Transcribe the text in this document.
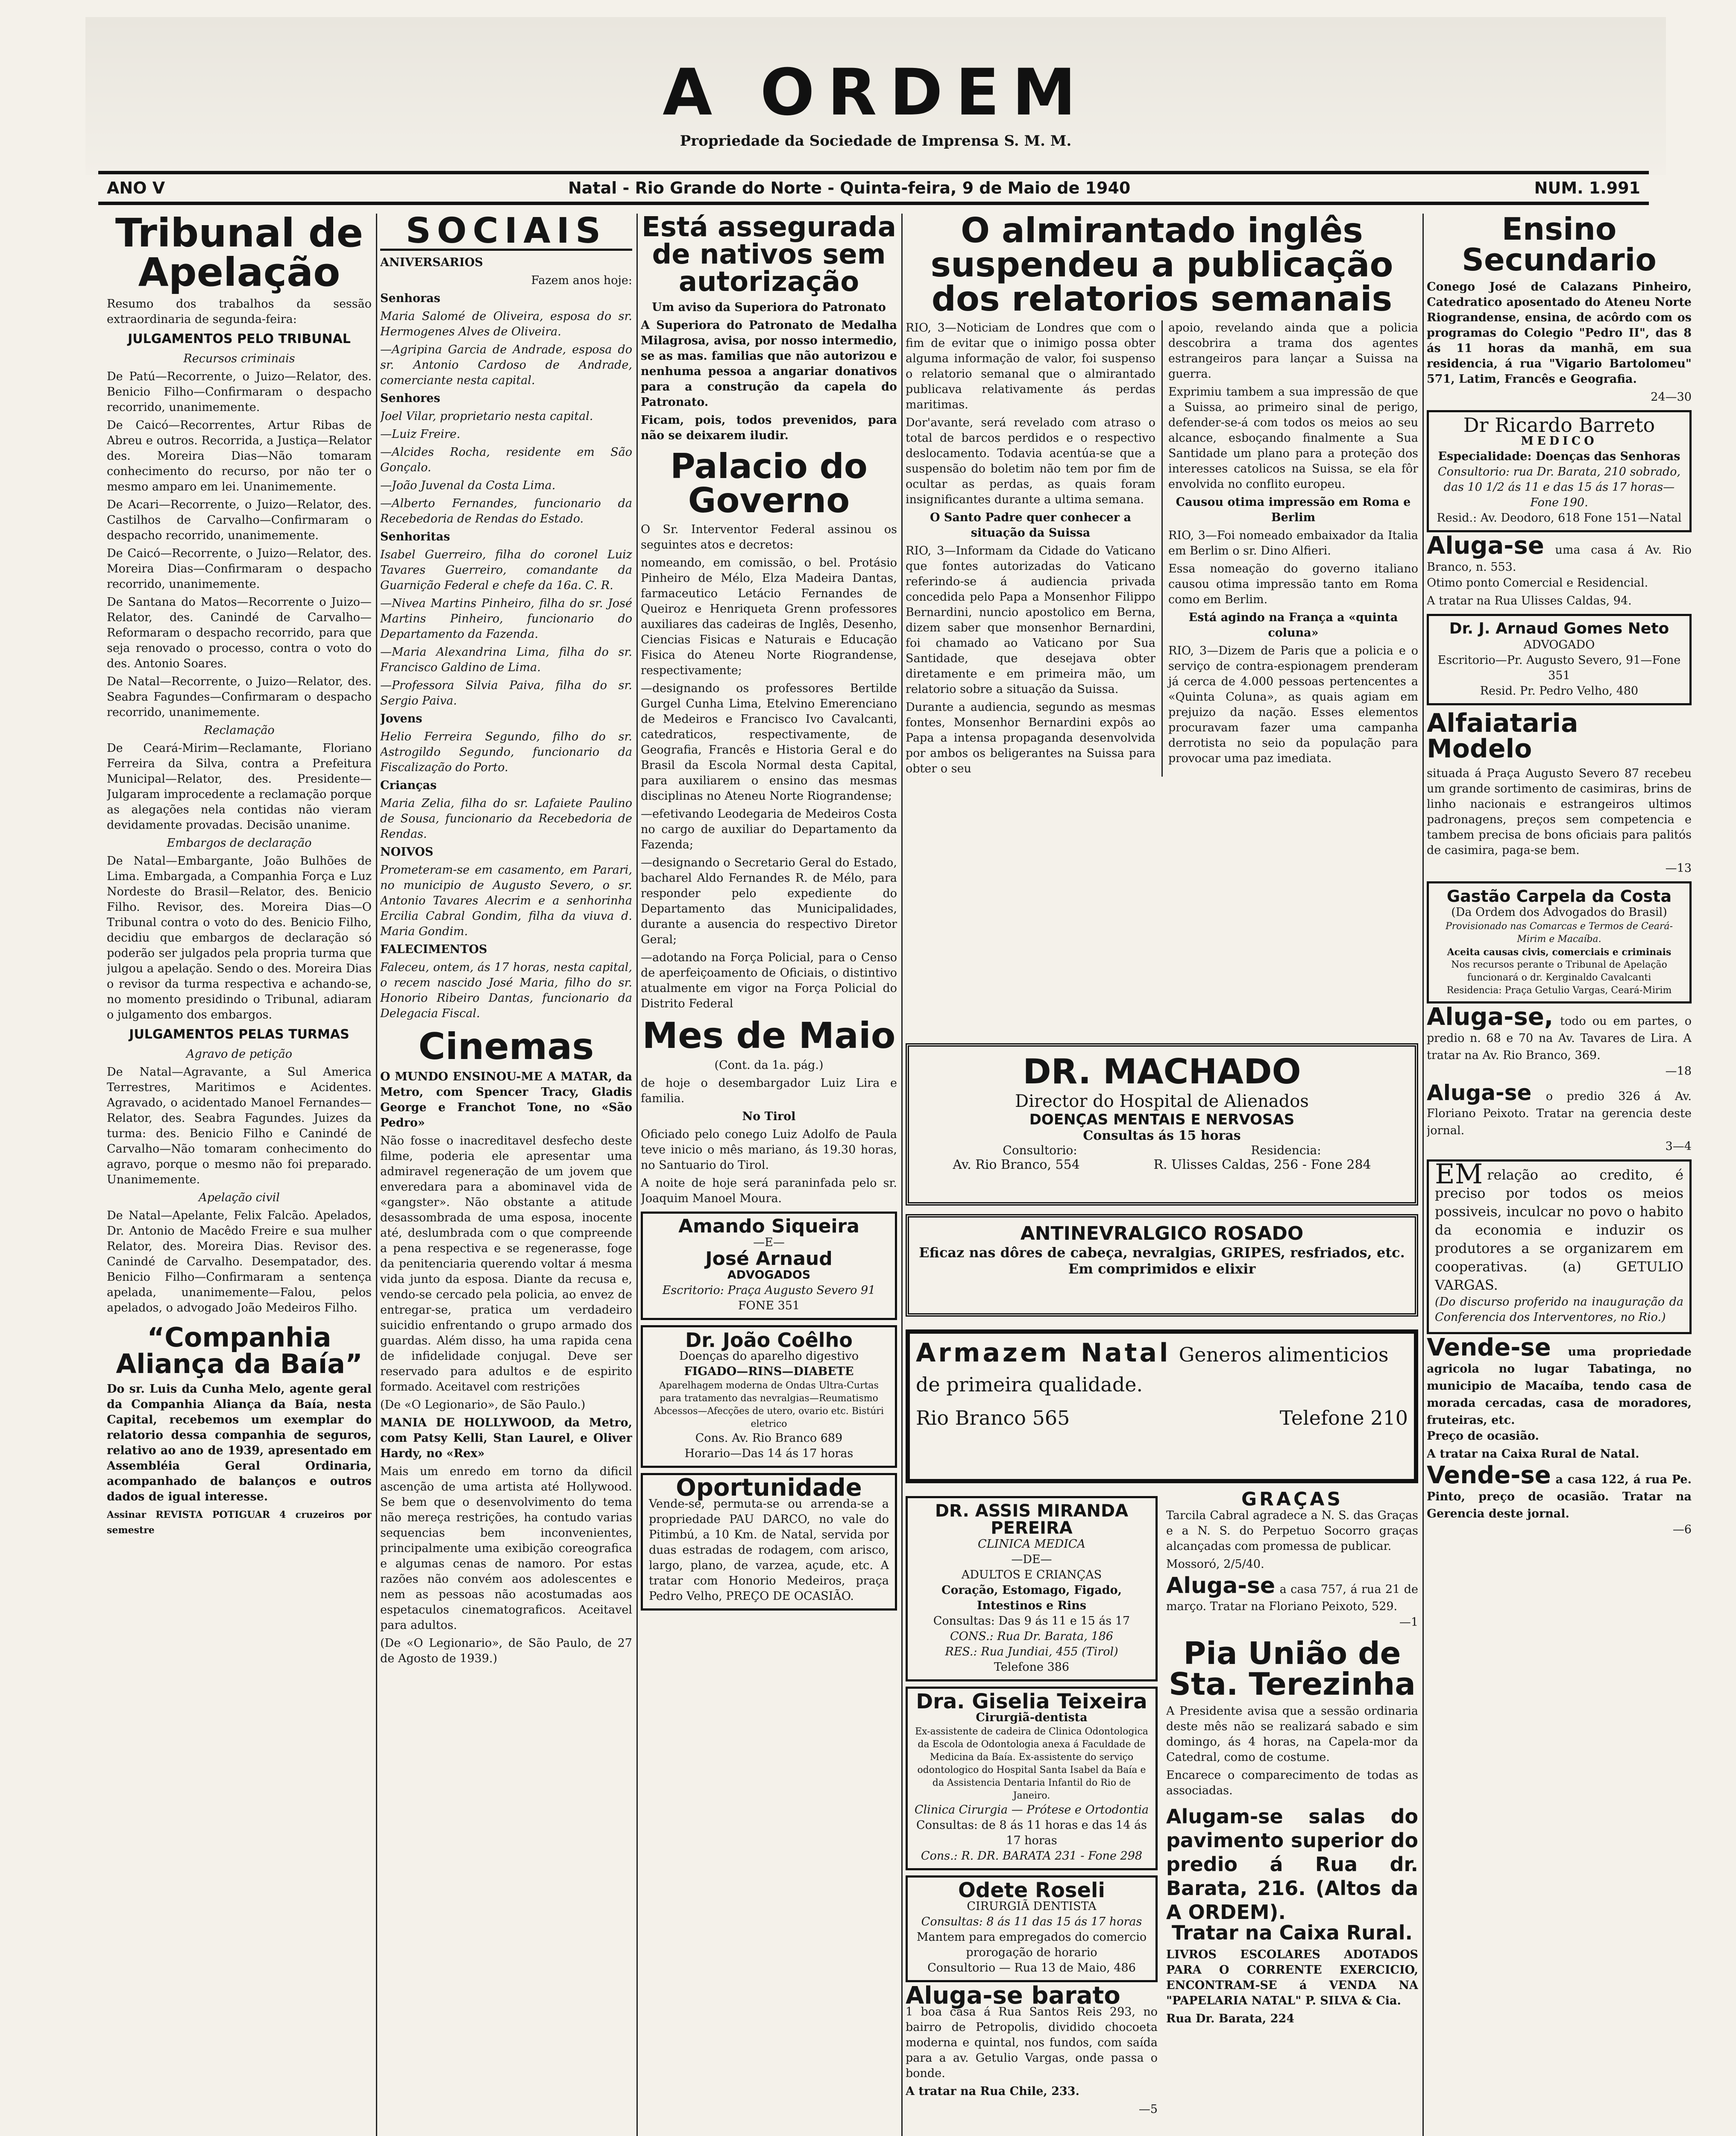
A ORDEM
Propriedade da Sociedade de Imprensa S. M. M.
ANO V	Natal - Rio Grande do Norte - Quinta-feira, 9 de Maio de 1940	NUM. 1.991
Tribunal de Apelação

Resumo dos trabalhos da sessão extraordinaria de segunda-feira:

JULGAMENTOS PELO TRIBUNAL

Recursos criminais

De Patú—Recorrente, o Juizo—Relator, des. Benicio Filho—Confirmaram o despacho recorrido, unanimemente.

De Caicó—Recorrentes, Artur Ribas de Abreu e outros. Recorrida, a Justiça—Relator des. Moreira Dias—Não tomaram conhecimento do recurso, por não ter o mesmo amparo em lei. Unanimemente.

De Acari—Recorrente, o Juizo—Relator, des. Castilhos de Carvalho—Confirmaram o despacho recorrido, unanimemente.

De Caicó—Recorrente, o Juizo—Relator, des. Moreira Dias—Confirmaram o despacho recorrido, unanimemente.

De Santana do Matos—Recorrente o Juizo—Relator, des. Canindé de Carvalho—Reformaram o despacho recorrido, para que seja renovado o processo, contra o voto do des. Antonio Soares.

De Natal—Recorrente, o Juizo—Relator, des. Seabra Fagundes—Confirmaram o despacho recorrido, unanimemente.

Reclamação

De Ceará-Mirim—Reclamante, Floriano Ferreira da Silva, contra a Prefeitura Municipal—Relator, des. Presidente—Julgaram improcedente a reclamação porque as alegações nela contidas não vieram devidamente provadas. Decisão unanime.

Embargos de declaração

De Natal—Embargante, João Bulhões de Lima. Embargada, a Companhia Força e Luz Nordeste do Brasil—Relator, des. Benicio Filho. Revisor, des. Moreira Dias—O Tribunal contra o voto do des. Benicio Filho, decidiu que embargos de declaração só poderão ser julgados pela propria turma que julgou a apelação. Sendo o des. Moreira Dias o revisor da turma respectiva e achando-se, no momento presidindo o Tribunal, adiaram o julgamento dos embargos.

JULGAMENTOS PELAS TURMAS

Agravo de petição

De Natal—Agravante, a Sul America Terrestres, Maritimos e Acidentes. Agravado, o acidentado Manoel Fernandes—Relator, des. Seabra Fagundes. Juizes da turma: des. Benicio Filho e Canindé de Carvalho—Não tomaram conhecimento do agravo, porque o mesmo não foi preparado. Unanimemente.

Apelação civil

De Natal—Apelante, Felix Falcão. Apelados, Dr. Antonio de Macêdo Freire e sua mulher Relator, des. Moreira Dias. Revisor des. Canindé de Carvalho. Desempatador, des. Benicio Filho—Confirmaram a sentença apelada, unanimemente—Falou, pelos apelados, o advogado João Medeiros Filho.

“Companhia Aliança da Baía”

Do sr. Luis da Cunha Melo, agente geral da Companhia Aliança da Baía, nesta Capital, recebemos um exemplar do relatorio dessa companhia de seguros, relativo ao ano de 1939, apresentado em Assembléia Geral Ordinaria, acompanhado de balanços e outros dados de igual interesse.

Assinar REVISTA POTIGUAR 4 cruzeiros por semestre

SOCIAIS

ANIVERSARIOS

Fazem anos hoje:

Senhoras

Maria Salomé de Oliveira, esposa do sr. Hermogenes Alves de Oliveira.

—Agripina Garcia de Andrade, esposa do sr. Antonio Cardoso de Andrade, comerciante nesta capital.

Senhores

Joel Vilar, proprietario nesta capital.

—Luiz Freire.

—Alcides Rocha, residente em São Gonçalo.

—João Juvenal da Costa Lima.

—Alberto Fernandes, funcionario da Recebedoria de Rendas do Estado.

Senhoritas

Isabel Guerreiro, filha do coronel Luiz Tavares Guerreiro, comandante da Guarnição Federal e chefe da 16a. C. R.

—Nivea Martins Pinheiro, filha do sr. José Martins Pinheiro, funcionario do Departamento da Fazenda.

—Maria Alexandrina Lima, filha do sr. Francisco Galdino de Lima.

—Professora Silvia Paiva, filha do sr. Sergio Paiva.

Jovens

Helio Ferreira Segundo, filho do sr. Astrogildo Segundo, funcionario da Fiscalização do Porto.

Crianças

Maria Zelia, filha do sr. Lafaiete Paulino de Sousa, funcionario da Recebedoria de Rendas.

NOIVOS

Prometeram-se em casamento, em Parari, no municipio de Augusto Severo, o sr. Antonio Tavares Alecrim e a senhorinha Ercilia Cabral Gondim, filha da viuva d. Maria Gondim.

FALECIMENTOS

Faleceu, ontem, ás 17 horas, nesta capital, o recem nascido José Maria, filho do sr. Honorio Ribeiro Dantas, funcionario da Delegacia Fiscal.

Cinemas

O MUNDO ENSINOU-ME A MATAR, da Metro, com Spencer Tracy, Gladis George e Franchot Tone, no «São Pedro»

Não fosse o inacreditavel desfecho deste filme, poderia ele apresentar uma admiravel regeneração de um jovem que enveredara para a abominavel vida de «gangster». Não obstante a atitude desassombrada de uma esposa, inocente até, deslumbrada com o que compreende a pena respectiva e se regenerasse, foge da penitenciaria querendo voltar á mesma vida junto da esposa. Diante da recusa e, vendo-se cercado pela policia, ao envez de entregar-se, pratica um verdadeiro suicidio enfrentando o grupo armado dos guardas. Além disso, ha uma rapida cena de infidelidade conjugal. Deve ser reservado para adultos e de espirito formado. Aceitavel com restrições

(De «O Legionario», de São Paulo.)

MANIA DE HOLLYWOOD, da Metro, com Patsy Kelli, Stan Laurel, e Oliver Hardy, no «Rex»

Mais um enredo em torno da dificil ascenção de uma artista até Hollywood. Se bem que o desenvolvimento do tema não mereça restrições, ha contudo varias sequencias bem inconvenientes, principalmente uma exibição coreografica e algumas cenas de namoro. Por estas razões não convém aos adolescentes e nem as pessoas não acostumadas aos espetaculos cinematograficos. Aceitavel para adultos.

(De «O Legionario», de São Paulo, de 27 de Agosto de 1939.)

Está assegurada de nativos sem autorização

Um aviso da Superiora do Patronato

A Superiora do Patronato de Medalha Milagrosa, avisa, por nosso intermedio, se as mas. familias que não autorizou e nenhuma pessoa a angariar donativos para a construção da capela do Patronato.

Ficam, pois, todos prevenidos, para não se deixarem iludir.

Palacio do Governo

O Sr. Interventor Federal assinou os seguintes atos e decretos:

nomeando, em comissão, o bel. Protásio Pinheiro de Mélo, Elza Madeira Dantas, farmaceutico Letácio Fernandes de Queiroz e Henriqueta Grenn professores auxiliares das cadeiras de Inglês, Desenho, Ciencias Fisicas e Naturais e Educação Fisica do Ateneu Norte Riograndense, respectivamente;

—designando os professores Bertilde Gurgel Cunha Lima, Etelvino Emerenciano de Medeiros e Francisco Ivo Cavalcanti, catedraticos, respectivamente, de Geografia, Francês e Historia Geral e do Brasil da Escola Normal desta Capital, para auxiliarem o ensino das mesmas disciplinas no Ateneu Norte Riograndense;

—efetivando Leodegaria de Medeiros Costa no cargo de auxiliar do Departamento da Fazenda;

—designando o Secretario Geral do Estado, bacharel Aldo Fernandes R. de Mélo, para responder pelo expediente do Departamento das Municipalidades, durante a ausencia do respectivo Diretor Geral;

—adotando na Força Policial, para o Censo de aperfeiçoamento de Oficiais, o distintivo atualmente em vigor na Força Policial do Distrito Federal

Mes de Maio

(Cont. da 1a. pág.)

de hoje o desembargador Luiz Lira e familia.

No Tirol

Oficiado pelo conego Luiz Adolfo de Paula teve inicio o mês mariano, ás 19.30 horas, no Santuario do Tirol.

A noite de hoje será paraninfada pelo sr. Joaquim Manoel Moura.

Amando Siqueira
—E—
José Arnaud
ADVOGADOS
Escritorio: Praça Augusto Severo 91
FONE 351
Dr. João Coêlho
Doenças do aparelho digestivo
FIGADO—RINS—DIABETE
Aparelhagem moderna de Ondas Ultra-Curtas para tratamento das nevralgias—Reumatismo Abcessos—Afecções de utero, ovario etc. Bistúri eletrico
Cons. Av. Rio Branco 689
Horario—Das 14 ás 17 horas
Oportunidade
Vende-se, permuta-se ou arrenda-se a propriedade PAU DARCO, no vale do Pitimbú, a 10 Km. de Natal, servida por duas estradas de rodagem, com arisco, largo, plano, de varzea, açude, etc. A tratar com Honorio Medeiros, praça Pedro Velho, PREÇO DE OCASIÃO.
O almirantado inglês suspendeu a publicação dos relatorios semanais

RIO, 3—Noticiam de Londres que com o fim de evitar que o inimigo possa obter alguma informação de valor, foi suspenso o relatorio semanal que o almirantado publicava relativamente ás perdas maritimas.

Dor'avante, será revelado com atraso o total de barcos perdidos e o respectivo deslocamento. Todavia acentúa-se que a suspensão do boletim não tem por fim de ocultar as perdas, as quais foram insignificantes durante a ultima semana.

O Santo Padre quer conhecer a situação da Suissa

RIO, 3—Informam da Cidade do Vaticano que fontes autorizadas do Vaticano referindo-se á audiencia privada concedida pelo Papa a Monsenhor Filippo Bernardini, nuncio apostolico em Berna, dizem saber que monsenhor Bernardini, foi chamado ao Vaticano por Sua Santidade, que desejava obter diretamente e em primeira mão, um relatorio sobre a situação da Suissa.

Durante a audiencia, segundo as mesmas fontes, Monsenhor Bernardini expôs ao Papa a intensa propaganda desenvolvida por ambos os beligerantes na Suissa para obter o seu

apoio, revelando ainda que a policia descobrira a trama dos agentes estrangeiros para lançar a Suissa na guerra.

Exprimiu tambem a sua impressão de que a Suissa, ao primeiro sinal de perigo, defender-se-á com todos os meios ao seu alcance, esboçando finalmente a Sua Santidade um plano para a proteção dos interesses catolicos na Suissa, se ela fôr envolvida no conflito europeu.

Causou otima impressão em Roma e Berlim

RIO, 3—Foi nomeado embaixador da Italia em Berlim o sr. Dino Alfieri.

Essa nomeação do governo italiano causou otima impressão tanto em Roma como em Berlim.

Está agindo na França a «quinta coluna»

RIO, 3—Dizem de Paris que a policia e o serviço de contra-espionagem prenderam já cerca de 4.000 pessoas pertencentes a «Quinta Coluna», as quais agiam em prejuizo da nação. Esses elementos procuravam fazer uma campanha derrotista no seio da população para provocar uma paz imediata.

DR. MACHADO
Director do Hospital de Alienados
DOENÇAS MENTAIS E NERVOSAS
Consultas ás 15 horas
Consultorio:	Residencia:
Av. Rio Branco, 554	R. Ulisses Caldas, 256 - Fone 284
ANTINEVRALGICO ROSADO
Eficaz nas dôres de cabeça, nevralgias, GRIPES, resfriados, etc.
Em comprimidos e elixir
Armazem Natal Generos alimenticios de primeira qualidade.
Rio Branco 565	Telefone 210
DR. ASSIS MIRANDA PEREIRA
CLINICA MEDICA
—DE—
ADULTOS E CRIANÇAS
Coração, Estomago, Figado, Intestinos e Rins
Consultas: Das 9 ás 11 e 15 ás 17
CONS.: Rua Dr. Barata, 186
RES.: Rua Jundiai, 455 (Tirol)
Telefone 386
Dra. Giselia Teixeira
Cirurgiã-dentista
Ex-assistente de cadeira de Clinica Odontologica da Escola de Odontologia anexa á Faculdade de Medicina da Baía. Ex-assistente do serviço odontologico do Hospital Santa Isabel da Baía e da Assistencia Dentaria Infantil do Rio de Janeiro.
Clinica Cirurgia — Prótese e Ortodontia
Consultas: de 8 ás 11 horas e das 14 ás 17 horas
Cons.: R. DR. BARATA 231 - Fone 298
Odete Roseli
CIRURGIÃ DENTISTA
Consultas: 8 ás 11 das 15 ás 17 horas
Mantem para empregados do comercio prorogação de horario
Consultorio — Rua 13 de Maio, 486
Aluga-se barato

1 boa casa á Rua Santos Reis 293, no bairro de Petropolis, dividido chocoeta moderna e quintal, nos fundos, com saída para a av. Getulio Vargas, onde passa o bonde.

A tratar na Rua Chile, 233.

—5

GRAÇAS

Tarcila Cabral agradece a N. S. das Graças e a N. S. do Perpetuo Socorro graças alcançadas com promessa de publicar.

Mossoró, 2/5/40.

Aluga-se a casa 757, á rua 21 de março. Tratar na Floriano Peixoto, 529.

—1

Pia União de Sta. Terezinha

A Presidente avisa que a sessão ordinaria deste mês não se realizará sabado e sim domingo, ás 4 horas, na Capela-mor da Catedral, como de costume.

Encarece o comparecimento de todas as associadas.

Alugam-se salas do pavimento superior do predio á Rua dr. Barata, 216. (Altos da A ORDEM).
Tratar na Caixa Rural.

LIVROS ESCOLARES ADOTADOS PARA O CORRENTE EXERCICIO, ENCONTRAM-SE á VENDA NA "PAPELARIA NATAL" P. SILVA & Cia.

Rua Dr. Barata, 224

Ensino Secundario

Conego José de Calazans Pinheiro, Catedratico aposentado do Ateneu Norte Riograndense, ensina, de acôrdo com os programas do Colegio "Pedro II", das 8 ás 11 horas da manhã, em sua residencia, á rua "Vigario Bartolomeu" 571, Latim, Francês e Geografia.

24—30

Dr Ricardo Barreto
MEDICO
Especialidade: Doenças das Senhoras
Consultorio: rua Dr. Barata, 210 sobrado, das 10 1/2 ás 11 e das 15 ás 17 horas—Fone 190.
Resid.: Av. Deodoro, 618 Fone 151—Natal
Aluga-se uma casa á Av. Rio Branco, n. 553.

Otimo ponto Comercial e Residencial.

A tratar na Rua Ulisses Caldas, 94.

Dr. J. Arnaud Gomes Neto
ADVOGADO
Escritorio—Pr. Augusto Severo, 91—Fone 351
Resid. Pr. Pedro Velho, 480
Alfaiataria Modelo

situada á Praça Augusto Severo 87 recebeu um grande sortimento de casimiras, brins de linho nacionais e estrangeiros ultimos padronagens, preços sem competencia e tambem precisa de bons oficiais para palitós de casimira, paga-se bem.

—13

Gastão Carpela da Costa
(Da Ordem dos Advogados do Brasil)
Provisionado nas Comarcas e Termos de Ceará-Mirim e Macaíba.
Aceita causas civis, comerciais e criminais
Nos recursos perante o Tribunal de Apelação funcionará o dr. Kerginaldo Cavalcanti
Residencia: Praça Getulio Vargas, Ceará-Mirim
Aluga-se, todo ou em partes, o predio n. 68 e 70 na Av. Tavares de Lira. A tratar na Av. Rio Branco, 369.

—18

Aluga-se o predio 326 á Av. Floriano Peixoto. Tratar na gerencia deste jornal.

3—4

EM relação ao credito, é preciso por todos os meios possiveis, inculcar no povo o habito da economia e induzir os produtores a se organizarem em cooperativas. (a) GETULIO VARGAS.

(Do discurso proferido na inauguração da Conferencia dos Interventores, no Rio.)

Vende-se uma propriedade agricola no lugar Tabatinga, no municipio de Macaíba, tendo casa de morada cercadas, casa de moradores, fruteiras, etc.

Preço de ocasião.

A tratar na Caixa Rural de Natal.

Vende-se a casa 122, á rua Pe. Pinto, preço de ocasião. Tratar na Gerencia deste jornal.

—6
